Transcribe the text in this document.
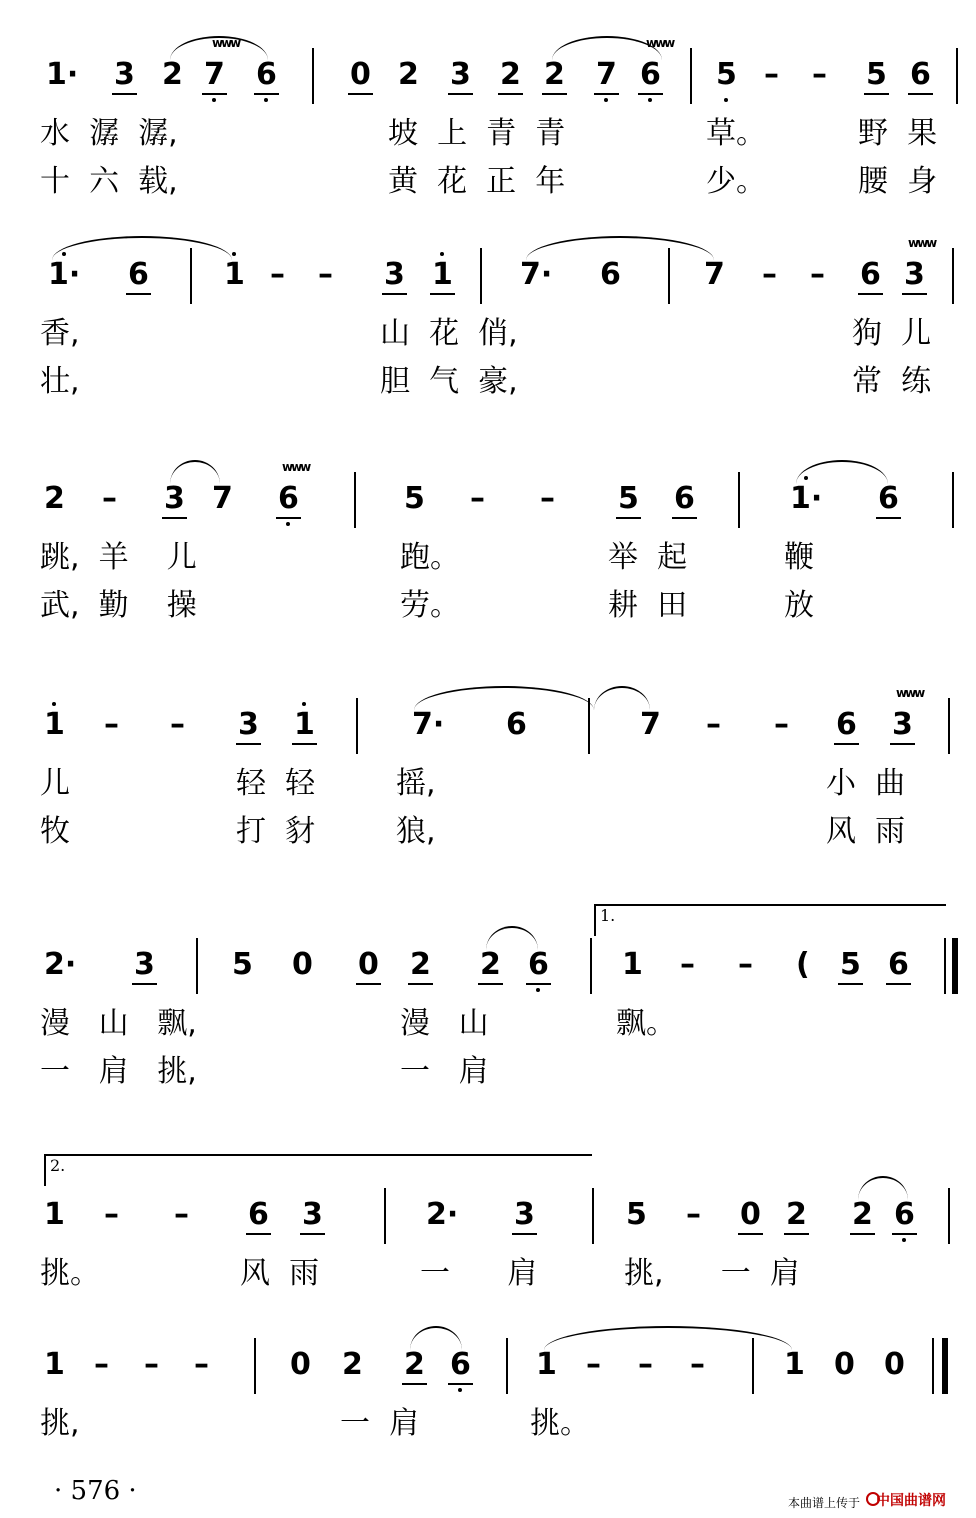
www	www
1· 3 2 7 6 0 2 3 2 2 7 6 5 – – 5 6
水  潺  潺,	坡  上  青  青	草。	野  果
十  六  载,	黄  花  正  年	少。	腰  身
www
1· 6	1 – – 3 1 7· 6	7 – – 6 3
香,	山  花  俏,	狗  儿
壮,	胆  气  豪,	常  练
www
2 – 3 7 6	5 – – 5 6	1· 6
跳,  羊    儿	跑。	举  起	鞭
武,  勤    操	劳。	耕  田	放
www
1 – – 3 1	7· 6	7 – – 6 3
儿	轻  轻	摇,	小  曲
牧	打  豺	狼,	风  雨
1.
2· 3	5 0 0 2 2 6 1 – – ( 5 6
漫   山   飘,	漫   山	飘。
一   肩   挑,	一   肩
2.
1 – – 6 3	2· 3	5 – 0 2 2 6
挑。	风  雨	一      肩	挑,      一  肩
1 – – –	0 2 2 6 1 – – –	1 0 0
挑,	一  肩	挑。
· 576 ·	本曲谱上传于 中国曲谱网
